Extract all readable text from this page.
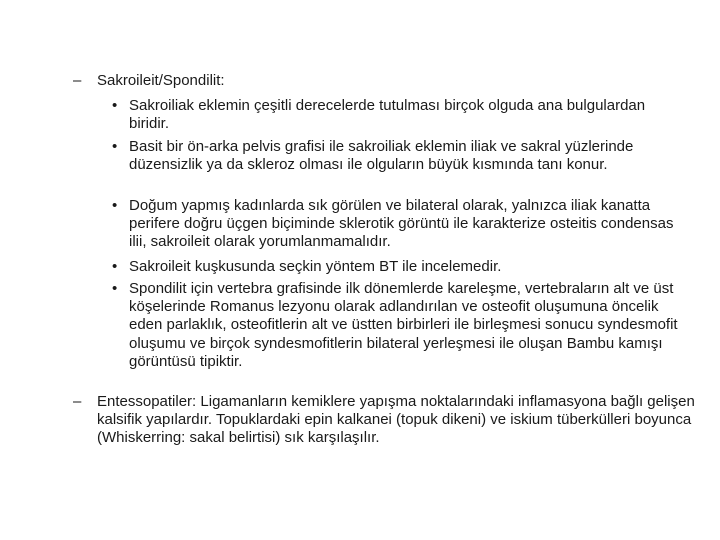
– Sakroileit/Spondilit:
• Sakroiliak eklemin çeşitli derecelerde tutulması birçok olguda ana bulgulardan biridir.
• Basit bir ön-arka pelvis grafisi ile sakroiliak eklemin iliak ve sakral yüzlerinde düzensizlik ya da skleroz olması ile olguların büyük kısmında tanı konur.
• Doğum yapmış kadınlarda sık görülen ve bilateral olarak, yalnızca iliak kanatta perifere doğru üçgen biçiminde sklerotik görüntü ile karakterize osteitis condensas ilii, sakroileit olarak yorumlanmamalıdır.
• Sakroileit kuşkusunda seçkin yöntem BT ile incelemedir.
• Spondilit için vertebra grafisinde ilk dönemlerde kareleşme, vertebraların alt ve üst köşelerinde Romanus lezyonu olarak adlandırılan ve osteofit oluşumuna öncelik eden parlaklık, osteofitlerin alt ve üstten birbirleri ile birleşmesi sonucu syndesmofit oluşumu ve birçok syndesmofitlerin bilateral yerleşmesi ile oluşan Bambu kamışı görüntüsü tipiktir.
– Entessopatiler: Ligamanların kemiklere yapışma noktalarındaki inflamasyona bağlı gelişen kalsifik yapılardır. Topuklardaki epin kalkanei (topuk dikeni) ve iskium tüberkülleri boyunca (Whiskerring: sakal belirtisi) sık karşılaşılır.
